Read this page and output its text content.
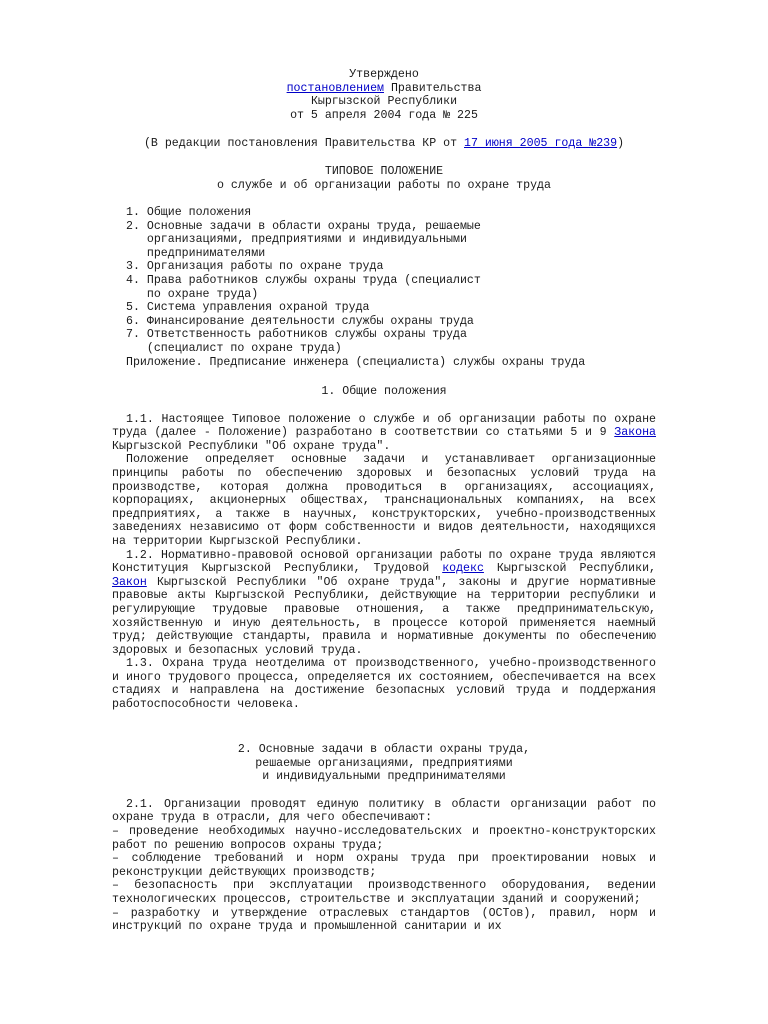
Утверждено

постановлением Правительства

Кыргызской Республики

от 5 апреля 2004 года № 225

(В редакции постановления Правительства КР от 17 июня 2005 года №239)

ТИПОВОЕ ПОЛОЖЕНИЕ

о службе и об организации работы по охране труда

1. Общие положения
2. Основные задачи в области охраны труда, решаемые
организациями, предприятиями и индивидуальными
предпринимателями
3. Организация работы по охране труда
4. Права работников службы охраны труда (специалист
по охране труда)
5. Система управления охраной труда
6. Финансирование деятельности службы охраны труда
7. Ответственность работников службы охраны труда
(специалист по охране труда)
Приложение. Предписание инженера (специалиста) службы охраны труда

1. Общие положения

1.1. Настоящее Типовое положение о службе и об организации работы по охране труда (далее - Положение) разработано в соответствии со статьями 5 и 9 Закона Кыргызской Республики "Об охране труда".

Положение определяет основные задачи и устанавливает организационные принципы работы по обеспечению здоровых и безопасных условий труда на производстве, которая должна проводиться в организациях, ассоциациях, корпорациях, акционерных обществах, транснациональных компаниях, на всех предприятиях, а также в научных, конструкторских, учебно-производственных заведениях независимо от форм собственности и видов деятельности, находящихся на территории Кыргызской Республики.

1.2. Нормативно-правовой основой организации работы по охране труда являются Конституция Кыргызской Республики, Трудовой кодекс Кыргызской Республики, Закон Кыргызской Республики "Об охране труда", законы и другие нормативные правовые акты Кыргызской Республики, действующие на территории республики и регулирующие трудовые правовые отношения, а также предпринимательскую, хозяйственную и иную деятельность, в процессе которой применяется наемный труд; действующие стандарты, правила и нормативные документы по обеспечению здоровых и безопасных условий труда.

1.3. Охрана труда неотделима от производственного, учебно-производственного и иного трудового процесса, определяется их состоянием, обеспечивается на всех стадиях и направлена на достижение безопасных условий труда и поддержания работоспособности человека.

2. Основные задачи в области охраны труда,

решаемые организациями, предприятиями

и индивидуальными предпринимателями

2.1. Организации проводят единую политику в области организации работ по охране труда в отрасли, для чего обеспечивают:

– проведение необходимых научно-исследовательских и проектно-конструкторских работ по решению вопросов охраны труда;

– соблюдение требований и норм охраны труда при проектировании новых и реконструкции действующих производств;

– безопасность при эксплуатации производственного оборудования, ведении технологических процессов, строительстве и эксплуатации зданий и сооружений;

– разработку и утверждение отраслевых стандартов (ОСТов), правил, норм и инструкций по охране труда и промышленной санитарии и их
